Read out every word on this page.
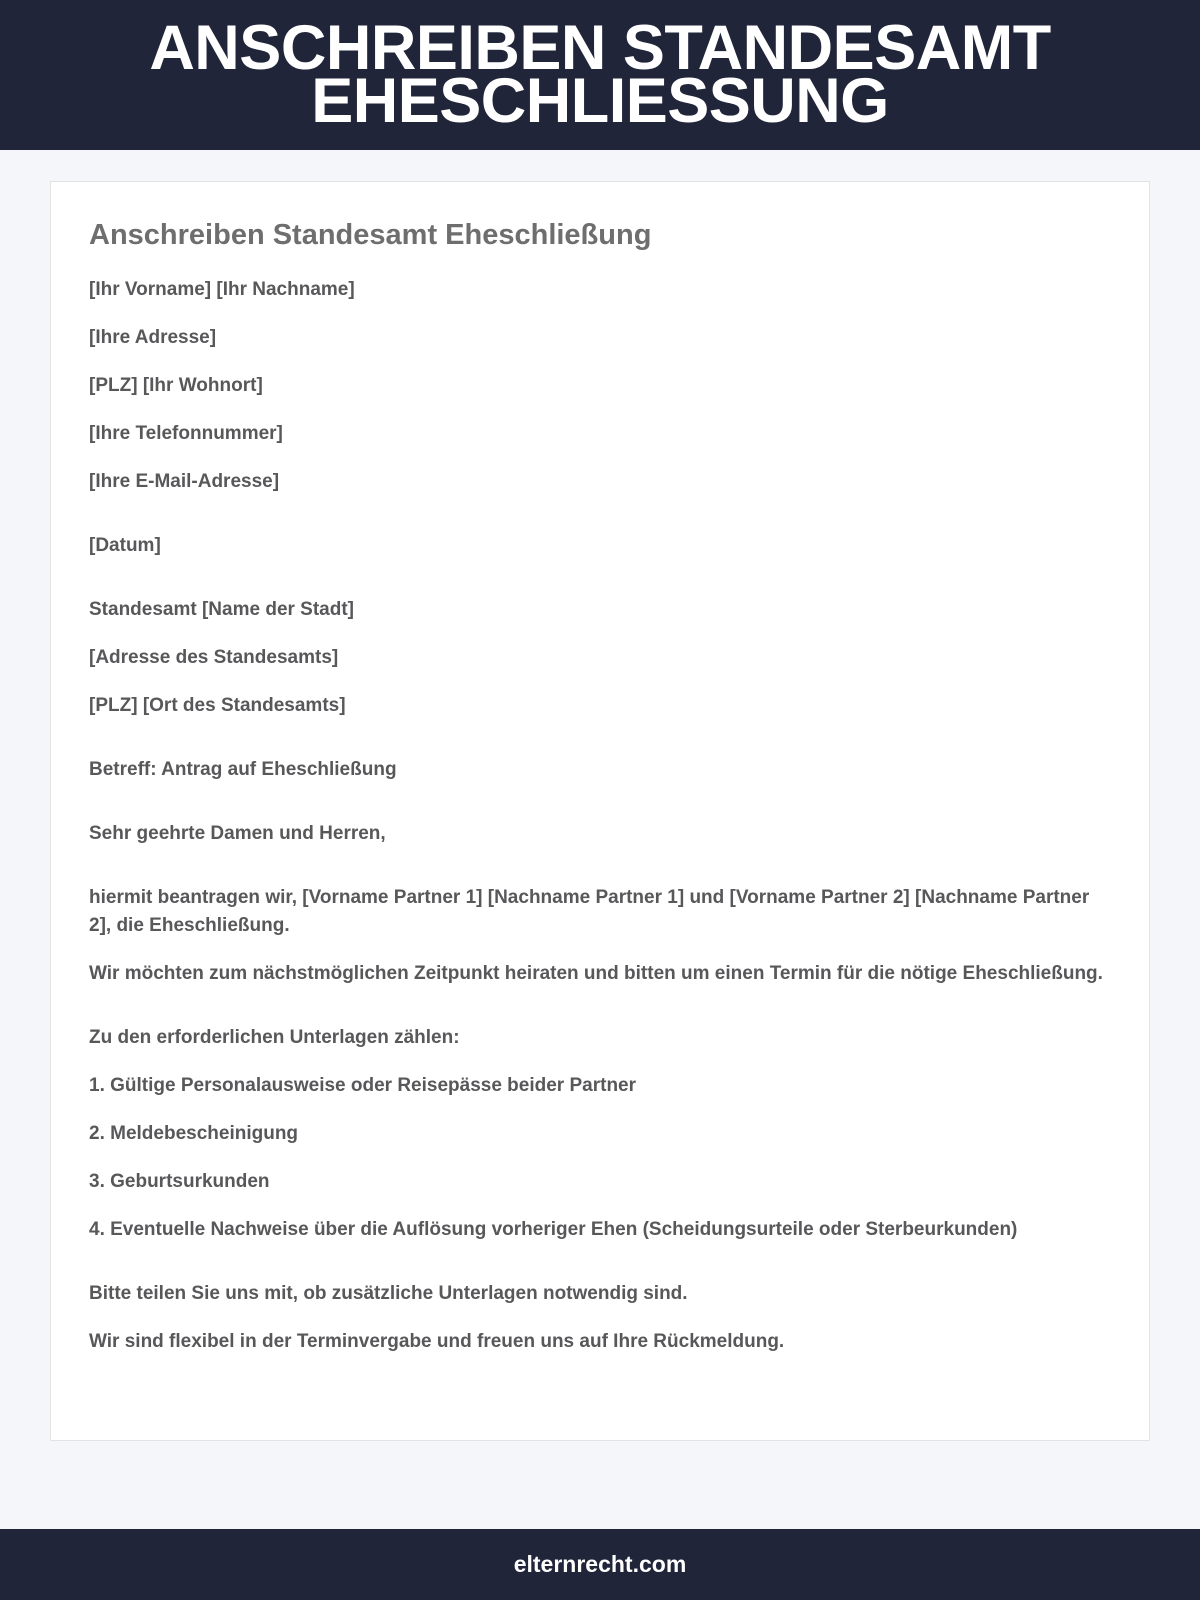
ANSCHREIBEN STANDESAMT EHESCHLIESSUNG
Anschreiben Standesamt Eheschließung

[Ihr Vorname] [Ihr Nachname]

[Ihre Adresse]

[PLZ] [Ihr Wohnort]

[Ihre Telefonnummer]

[Ihre E-Mail-Adresse]

[Datum]

Standesamt [Name der Stadt]

[Adresse des Standesamts]

[PLZ] [Ort des Standesamts]

Betreff: Antrag auf Eheschließung

Sehr geehrte Damen und Herren,

hiermit beantragen wir, [Vorname Partner 1] [Nachname Partner 1] und [Vorname Partner 2] [Nachname Partner 2], die Eheschließung.

Wir möchten zum nächstmöglichen Zeitpunkt heiraten und bitten um einen Termin für die nötige Eheschließung.

Zu den erforderlichen Unterlagen zählen:

1. Gültige Personalausweise oder Reisepässe beider Partner

2. Meldebescheinigung

3. Geburtsurkunden

4. Eventuelle Nachweise über die Auflösung vorheriger Ehen (Scheidungsurteile oder Sterbeurkunden)

Bitte teilen Sie uns mit, ob zusätzliche Unterlagen notwendig sind.

Wir sind flexibel in der Terminvergabe und freuen uns auf Ihre Rückmeldung.

elternrecht.com
